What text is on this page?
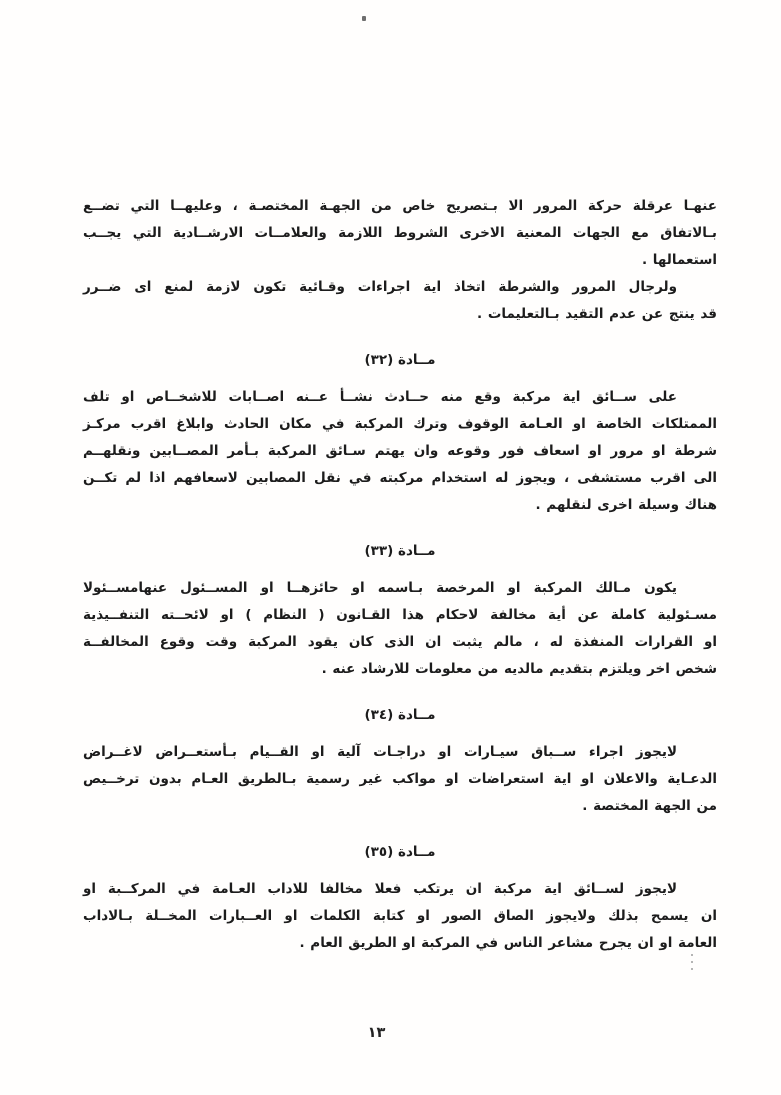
عنهـا عرقلة حركة المرور الا بـتصريح خاص من الجهـة المختصـة ، وعليهــا التي تضــع
بـالاتفاق مع الجهات المعنية الاخرى الشروط اللازمة والعلامــات الارشــادية التي يجــب
استعمالها .
ولرجال المرور والشرطة اتخاذ اية اجراءات وقـائية تكون لازمة لمنع اى ضــرر
قد ينتج عن عدم التقيد بـالتعليمات .
مــادة (٣٢)
على ســائق اية مركبة وقع منه حــادث نشــأ عــنه اصــابات للاشخــاص او تلف
الممتلكات الخاصة او العـامة الوقوف وترك المركبة في مكان الحادث وابلاغ اقرب مركـز
شرطة او مرور او اسعاف فور وقوعه وان يهتم سـائق المركبة بـأمر المصــابين ونقلهــم
الى اقرب مستشفى ، ويجوز له استخدام مركبته في نقل المصابين لاسعافهم اذا لم تكــن
هناك وسيلة اخرى لنقلهم .
مــادة (٣٣)
يكون مـالك المركبة او المرخصة بـاسمه او حائزهــا او المســئول عنهامســئولا
مسـئولية كاملة عن أية مخالفة لاحكام هذا القـانون ( النظام ) او لائحــته التنفــيذية
او القرارات المنفذة له ، مالم يثبت ان الذى كان يقود المركبة وقت وقوع المخالفــة
شخص اخر ويلتزم بتقديم مالديه من معلومات للارشاد عنه .
مــادة (٣٤)
لايجوز اجراء ســباق سيـارات او دراجـات آلية او القــيام بـأستعــراض لاغــراض
الدعـاية والاعلان او اية استعراضات او مواكب غير رسمية بـالطريق العـام بدون ترخــيص
من الجهة المختصة .
مــادة (٣٥)
لايجوز لســائق اية مركبة ان يرتكب فعلا مخالفا للاداب العـامة في المركــبة او
ان يسمح بذلك ولايجوز الصاق الصور او كتابة الكلمات او العــبارات المخــلة بـالاداب
العامة او ان يجرح مشاعر الناس في المركبة او الطريق العام .
١٣
